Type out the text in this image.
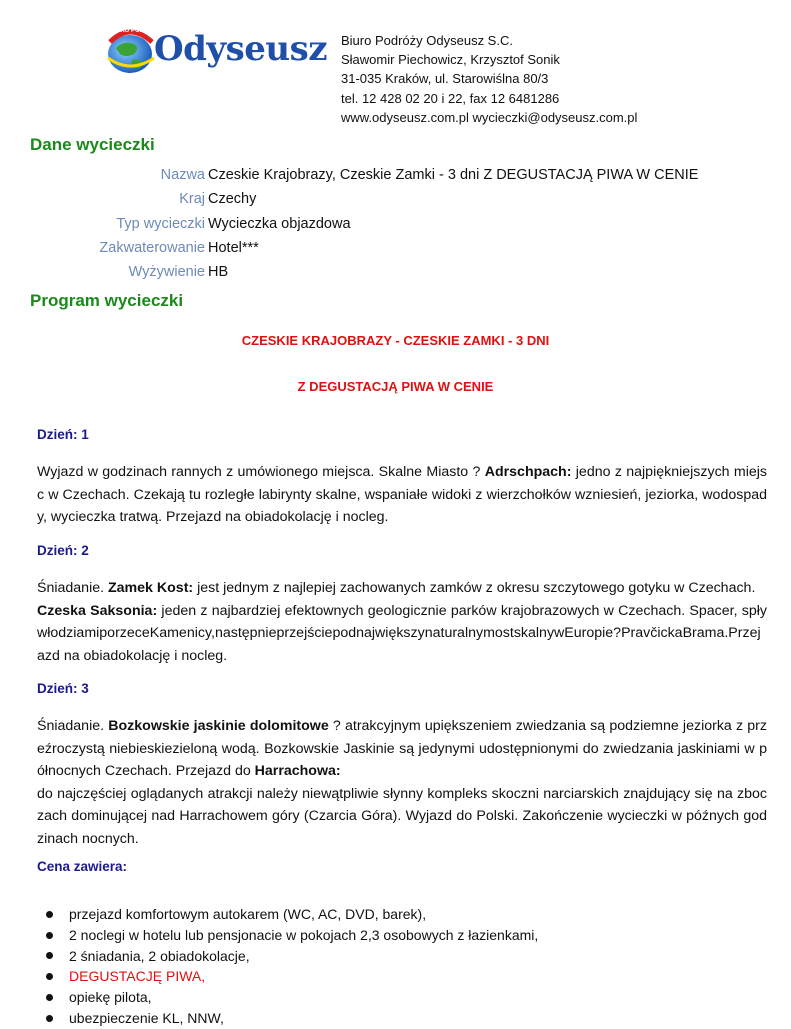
Odyseusz
BIURO PODRÓŻY
Biuro Podróży Odyseusz S.C.
Sławomir Piechowicz, Krzysztof Sonik
31-035 Kraków, ul. Starowiślna 80/3
tel. 12 428 02 20 i 22, fax 12 6481286
www.odyseusz.com.pl wycieczki@odyseusz.com.pl
Dane wycieczki
Nazwa Czeskie Krajobrazy, Czeskie Zamki - 3 dni Z DEGUSTACJĄ PIWA W CENIE
Kraj Czechy
Typ wycieczki Wycieczka objazdowa
Zakwaterowanie Hotel***
Wyżywienie HB
Program wycieczki
CZESKIE KRAJOBRAZY - CZESKIE ZAMKI - 3 DNI
Z DEGUSTACJĄ PIWA W CENIE
Dzień: 1
Wyjazd w godzinach rannych z umówionego miejsca. Skalne Miasto ? Adrschpach: jedno z najpiękniejszych miejsc w Czechach. Czekają tu rozległe labirynty skalne, wspaniałe widoki z wierzchołków wzniesień, jeziorka, wodospady, wycieczka tratwą. Przejazd na obiadokolację i nocleg.
Dzień: 2
Śniadanie. Zamek Kost: jest jednym z najlepiej zachowanych zamków z okresu szczytowego gotyku w Czechach.
Czeska Saksonia: jeden z najbardziej efektownych geologicznie parków krajobrazowych w Czechach. Spacer, spływłodziamiporzeceKamenicy,następnieprzejściepodnajwiększynaturalnymostskalnywEuropie?PravčickaBrama.Przejazd na obiadokolację i nocleg.
Dzień: 3
Śniadanie. Bozkowskie jaskinie dolomitowe ? atrakcyjnym upiększeniem zwiedzania są podziemne jeziorka z przeźroczystą niebieskiezieloną wodą. Bozkowskie Jaskinie są jedynymi udostępnionymi do zwiedzania jaskiniami w północnych Czechach. Przejazd do Harrachowa:
do najczęściej oglądanych atrakcji należy niewątpliwie słynny kompleks skoczni narciarskich znajdujący się na zboczach dominującej nad Harrachowem góry (Czarcia Góra). Wyjazd do Polski. Zakończenie wycieczki w późnych godzinach nocnych.
Cena zawiera:
przejazd komfortowym autokarem (WC, AC, DVD, barek),
2 noclegi w hotelu lub pensjonacie w pokojach 2,3 osobowych z łazienkami,
2 śniadania, 2 obiadokolacje,
DEGUSTACJĘ PIWA,
opiekę pilota,
ubezpieczenie KL, NNW,
